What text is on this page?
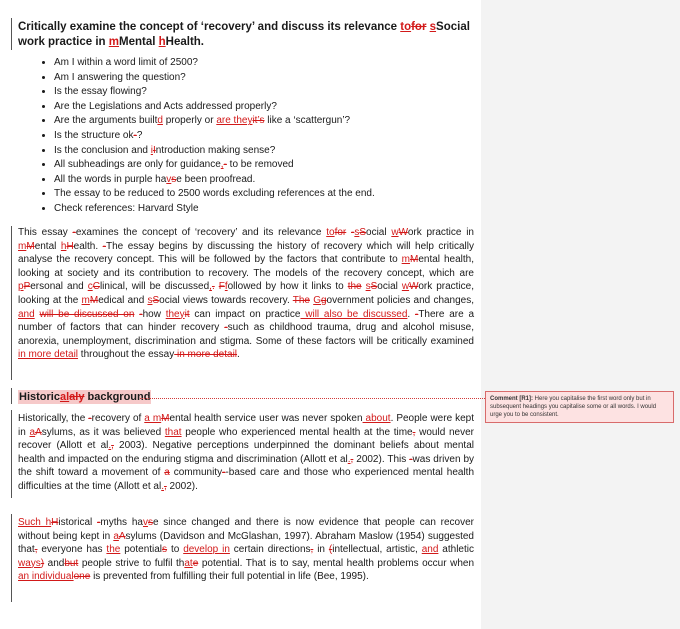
Critically examine the concept of ‘recovery’ and discuss its relevance tofor sSocial work practice in mMental hHealth.
• Am I within a word limit of 2500?
• Am I answering the question?
• Is the essay flowing?
• Are the Legislations and Acts addressed properly?
• Are the arguments builtd properly or are theyit’s like a ‘scattergun’?
• Is the structure ok-?
• Is the conclusion and iIntroduction making sense?
• All subheadings are only for guidance,- to be removed
• All the words in purple havse been proofread.
• The essay to be reduced to 2500 words excluding references at the end.
• Check references: Harvard Style

This essay -examines the concept of ‘recovery’ and its relevance tofor -sSocial wWork practice in mMental hHealth. -The essay begins by discussing the history of recovery which will help critically analyse the recovery concept. This will be followed by the factors that contribute to mMental health, looking at society and its contribution to recovery. The models of the recovery concept, which are pPersonal and cClinical, will be discussed,. Ffollowed by how it links to the sSocial wWork practice, looking at the mMedical and sSocial views towards recovery. The Ggovernment policies and changes, and will be discussed on -how theyit can impact on practice will also be discussed. -There are a number of factors that can hinder recovery -such as childhood trauma, drug and alcohol misuse, anorexia, unemployment, discrimination and stigma. Some of these factors will be critically examined in more detail throughout the essay in more detail.

Historicalaly background

Historically, the -recovery of a mMental health service user was never spoken about. People were kept in aAsylums, as it was believed that people who experienced mental health at the time, would never recover (Allott et al., 2003). Negative perceptions underpinned the dominant beliefs about mental health and impacted on the enduring stigma and discrimination (Allott et al., 2002). This -was driven by the shift toward a movement of a community--based care and those who experienced mental health difficulties at the time (Allott et al., 2002).

Such hHistorical -myths havse since changed and there is now evidence that people can recover without being kept in aAsylums (Davidson and McGlashan, 1997). Abraham Maslow (1954) suggested that, everyone has the potentials to develop in certain directions, in (intellectual, artistic, and athletic ways) andbut people strive to fulfil thate potential. That is to say, mental health problems occur when an individualone is prevented from fulfilling their full potential in life (Bee, 1995).

Comment [R1]: Here you capitalise the first word only but in subsequent headings you capitalise some or all words. I would urge you to be consistent.
